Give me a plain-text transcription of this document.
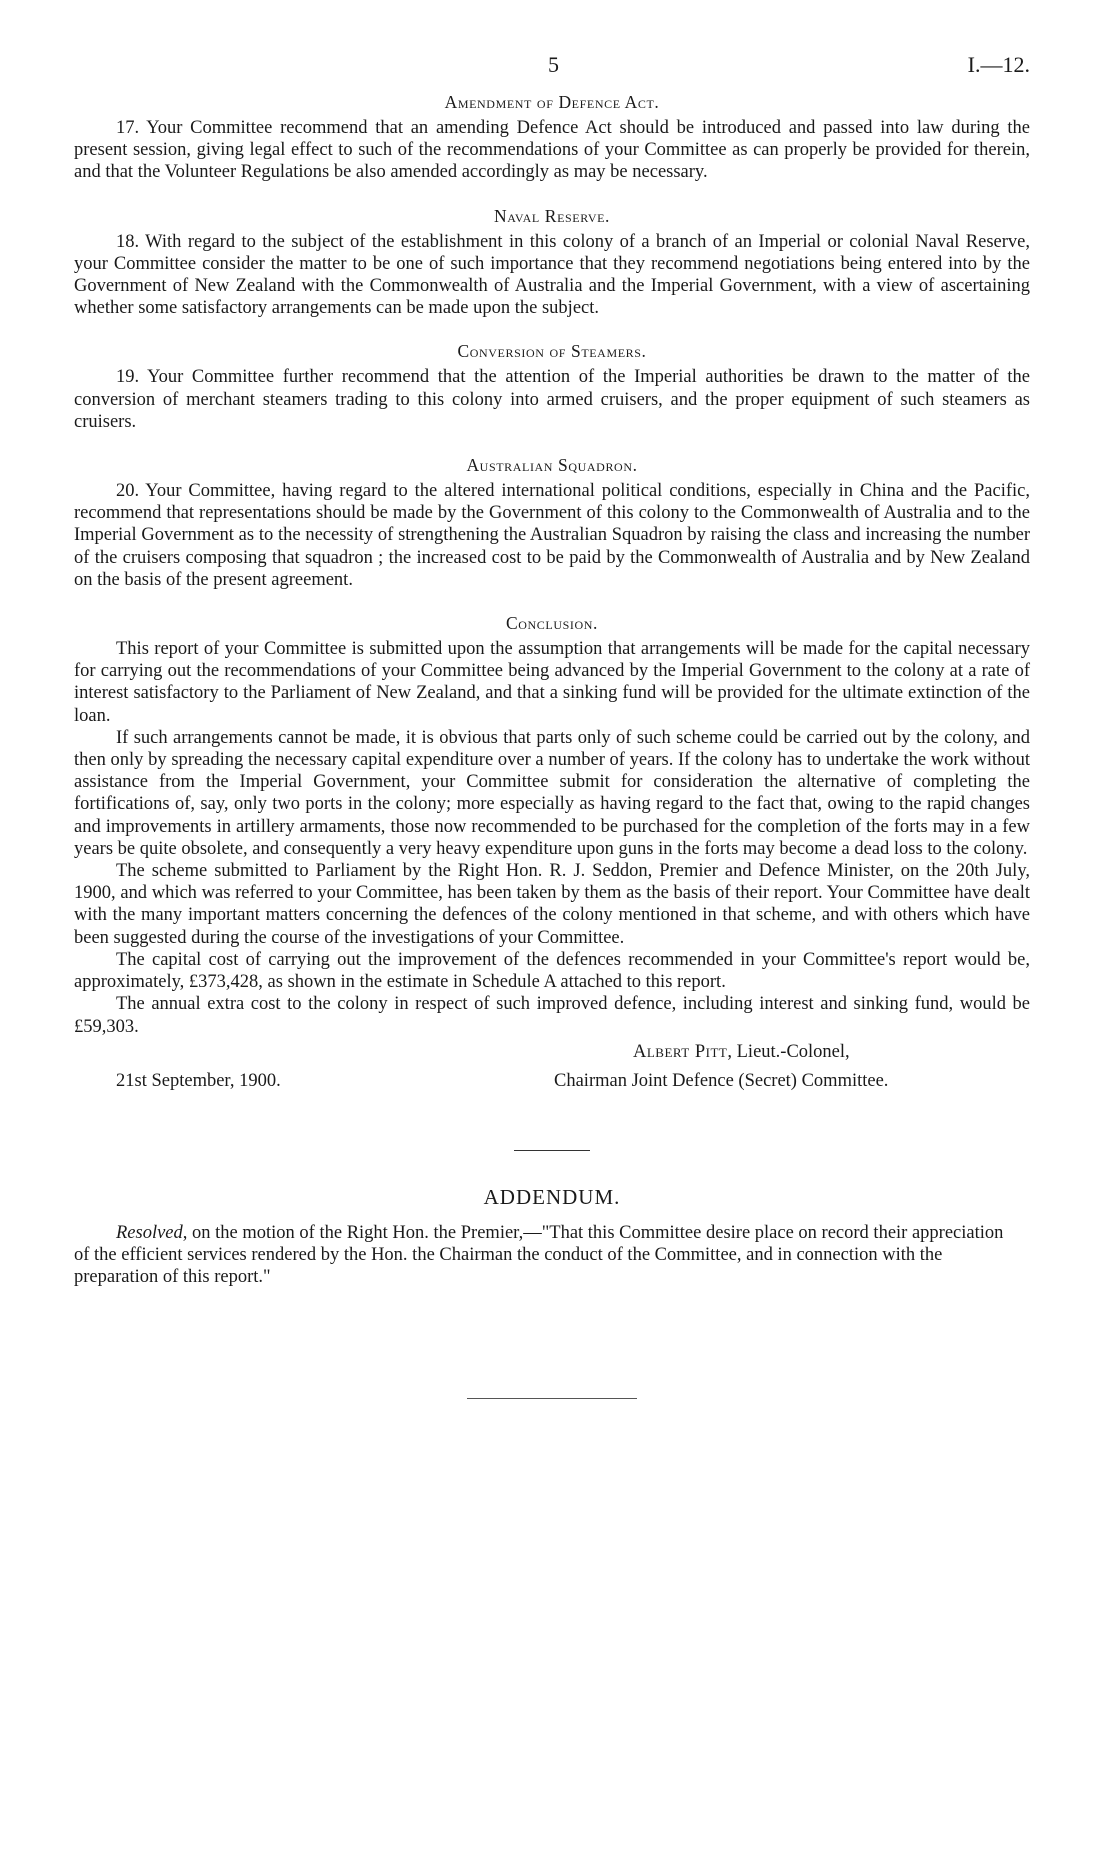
5	I.—12.
Amendment of Defence Act.

17. Your Committee recommend that an amending Defence Act should be introduced and passed into law during the present session, giving legal effect to such of the recommendations of your Committee as can properly be provided for therein, and that the Volunteer Regulations be also amended accordingly as may be necessary.

Naval Reserve.

18. With regard to the subject of the establishment in this colony of a branch of an Imperial or colonial Naval Reserve, your Committee consider the matter to be one of such importance that they recommend negotiations being entered into by the Government of New Zealand with the Commonwealth of Australia and the Imperial Government, with a view of ascertaining whether some satisfactory arrangements can be made upon the subject.

Conversion of Steamers.

19. Your Committee further recommend that the attention of the Imperial authorities be drawn to the matter of the conversion of merchant steamers trading to this colony into armed cruisers, and the proper equipment of such steamers as cruisers.

Australian Squadron.

20. Your Committee, having regard to the altered international political conditions, especially in China and the Pacific, recommend that representations should be made by the Government of this colony to the Commonwealth of Australia and to the Imperial Government as to the necessity of strengthening the Australian Squadron by raising the class and increasing the number of the cruisers composing that squadron ; the increased cost to be paid by the Commonwealth of Australia and by New Zealand on the basis of the present agreement.

Conclusion.

This report of your Committee is submitted upon the assumption that arrangements will be made for the capital necessary for carrying out the recommendations of your Committee being advanced by the Imperial Government to the colony at a rate of interest satisfactory to the Parliament of New Zealand, and that a sinking fund will be provided for the ultimate extinction of the loan.

If such arrangements cannot be made, it is obvious that parts only of such scheme could be carried out by the colony, and then only by spreading the necessary capital expenditure over a number of years. If the colony has to undertake the work without assistance from the Imperial Government, your Committee submit for consideration the alternative of completing the fortifications of, say, only two ports in the colony; more especially as having regard to the fact that, owing to the rapid changes and improvements in artillery armaments, those now recommended to be purchased for the completion of the forts may in a few years be quite obsolete, and consequently a very heavy expenditure upon guns in the forts may become a dead loss to the colony.

The scheme submitted to Parliament by the Right Hon. R. J. Seddon, Premier and Defence Minister, on the 20th July, 1900, and which was referred to your Committee, has been taken by them as the basis of their report. Your Committee have dealt with the many important matters concerning the defences of the colony mentioned in that scheme, and with others which have been suggested during the course of the investigations of your Committee.

The capital cost of carrying out the improvement of the defences recommended in your Committee's report would be, approximately, £373,428, as shown in the estimate in Schedule A attached to this report.

The annual extra cost to the colony in respect of such improved defence, including interest and sinking fund, would be £59,303.

Albert Pitt, Lieut.-Colonel,
21st September, 1900.	Chairman Joint Defence (Secret) Committee.
ADDENDUM.

Resolved, on the motion of the Right Hon. the Premier,—"That this Committee desire place on record their appreciation of the efficient services rendered by the Hon. the Chairman the conduct of the Committee, and in connection with the preparation of this report."
